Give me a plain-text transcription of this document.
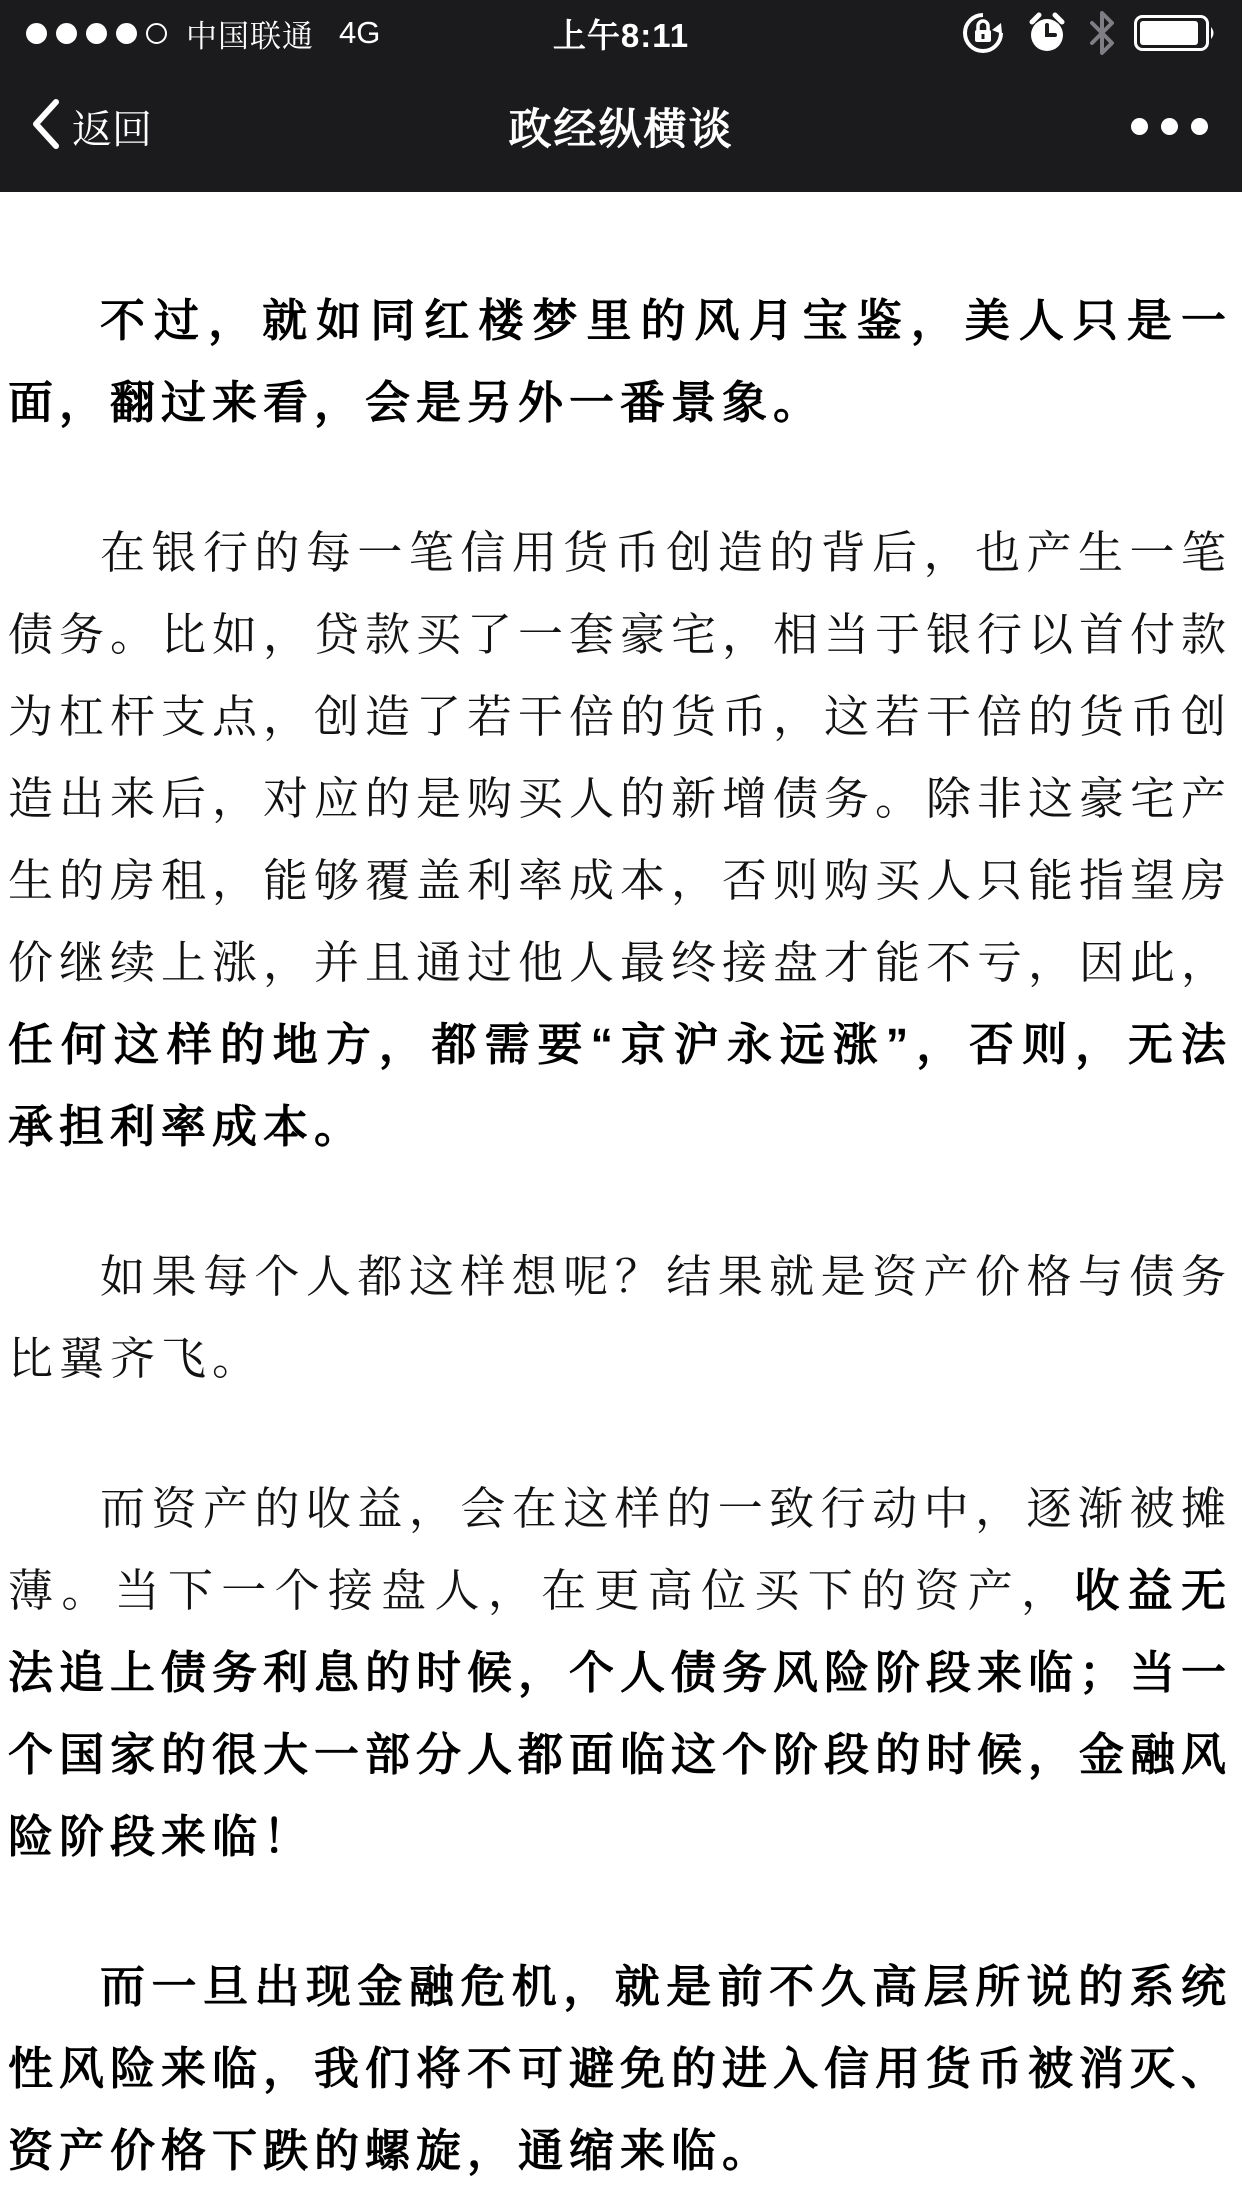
中国联通 4G	上午8:11
返回	政经纵横谈

不过，就如同红楼梦里的风月宝鉴，美人只是一面，翻过来看，会是另外一番景象。

在银行的每一笔信用货币创造的背后，也产生一笔债务。比如，贷款买了一套豪宅，相当于银行以首付款为杠杆支点，创造了若干倍的货币，这若干倍的货币创造出来后，对应的是购买人的新增债务。除非这豪宅产生的房租，能够覆盖利率成本，否则购买人只能指望房价继续上涨，并且通过他人最终接盘才能不亏，因此，任何这样的地方，都需要“京沪永远涨”，否则，无法承担利率成本。

如果每个人都这样想呢？结果就是资产价格与债务比翼齐飞。

而资产的收益，会在这样的一致行动中，逐渐被摊薄。当下一个接盘人，在更高位买下的资产，收益无法追上债务利息的时候，个人债务风险阶段来临；当一个国家的很大一部分人都面临这个阶段的时候，金融风险阶段来临！

而一旦出现金融危机，就是前不久高层所说的系统性风险来临，我们将不可避免的进入信用货币被消灭、资产价格下跌的螺旋，通缩来临。
